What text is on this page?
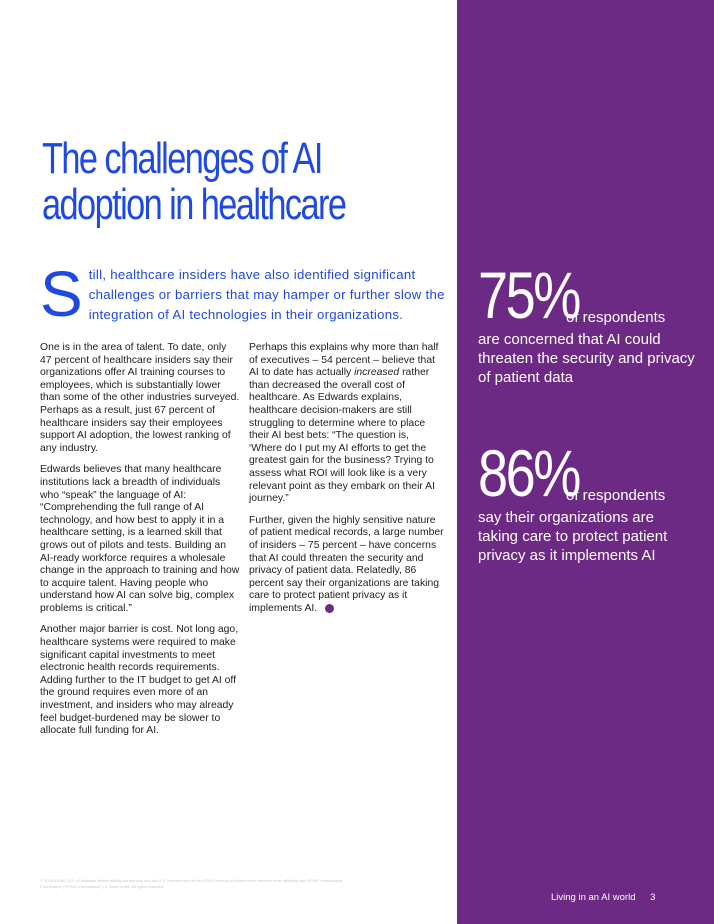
The challenges of AI
adoption in healthcare
S till, healthcare insiders have also identified significant challenges or barriers that may hamper or further slow the integration of AI technologies in their organizations.

One is in the area of talent. To date, only 47 percent of healthcare insiders say their organizations offer AI training courses to employees, which is substantially lower than some of the other industries surveyed. Perhaps as a result, just 67 percent of healthcare insiders say their employees support AI adoption, the lowest ranking of any industry.

Edwards believes that many healthcare institutions lack a breadth of individuals who “speak” the language of AI: “Comprehending the full range of AI technology, and how best to apply it in a healthcare setting, is a learned skill that grows out of pilots and tests. Building an AI-ready workforce requires a wholesale change in the approach to training and how to acquire talent. Having people who understand how AI can solve big, complex problems is critical.”

Another major barrier is cost. Not long ago, healthcare systems were required to make significant capital investments to meet electronic health records requirements. Adding further to the IT budget to get AI off the ground requires even more of an investment, and insiders who may already feel budget-burdened may be slower to allocate full funding for AI.

Perhaps this explains why more than half of executives – 54 percent – believe that AI to date has actually increased rather than decreased the overall cost of healthcare. As Edwards explains, healthcare decision-makers are still struggling to determine where to place their AI best bets: “The question is, ‘Where do I put my AI efforts to get the greatest gain for the business? Trying to assess what ROI will look like is a very relevant point as they embark on their AI journey.”

Further, given the highly sensitive nature of patient medical records, a large number of insiders – 75 percent – have concerns that AI could threaten the security and privacy of patient data. Relatedly, 86 percent say their organizations are taking care to protect patient privacy as it implements AI.

75%
of respondents
are concerned that AI could threaten the security and privacy of patient data
86%
of respondents
say their organizations are taking care to protect patient privacy as it implements AI
© 2020 KPMG LLP, a Delaware limited liability partnership and the U.S. member firm of the KPMG network of independent member firms affiliated with KPMG International Cooperative (“KPMG International”), a Swiss entity. All rights reserved.
Living in an AI world 3
